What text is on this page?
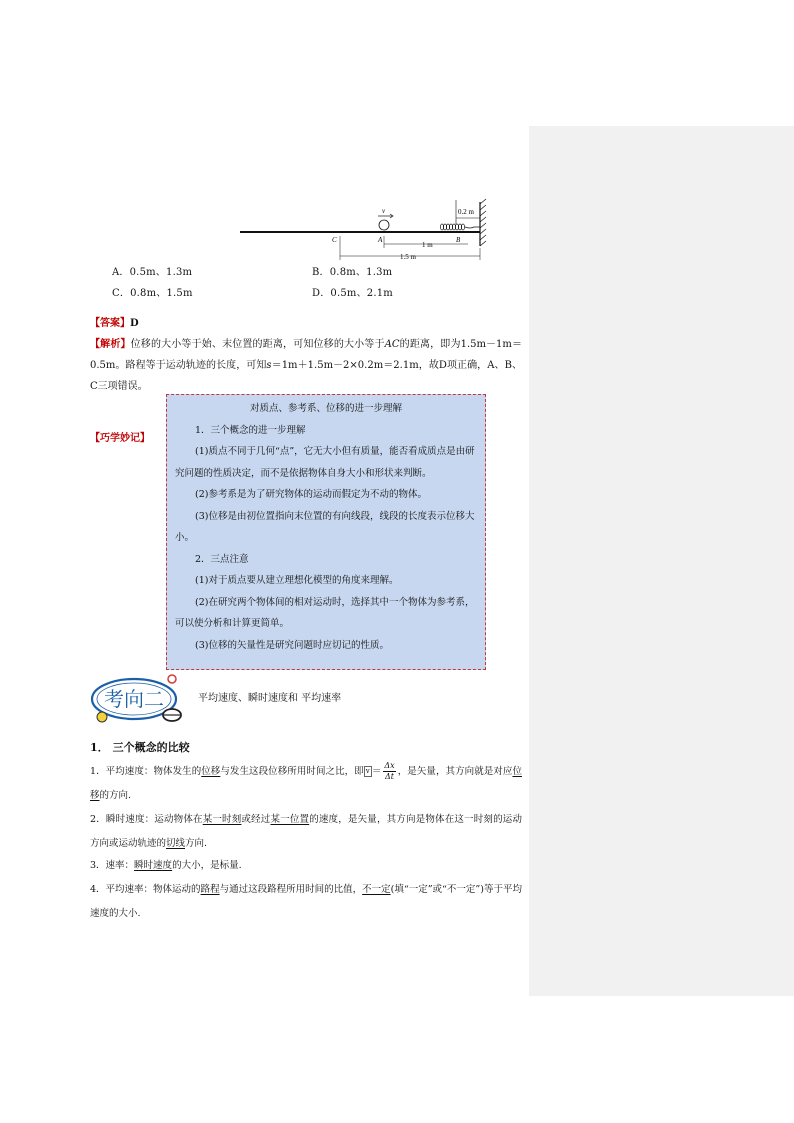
0.2 m
v
C	A	B
1 m
1.5 m
A．0.5m、1.3m	B．0.8m、1.3m
C．0.8m、1.5m	D．0.5m、2.1m
【答案】D
【解析】位移的大小等于始、末位置的距离，可知位移的大小等于AC的距离，即为1.5m－1m＝0.5m。路程等于运动轨迹的长度，可知s＝1m＋1.5m－2×0.2m＝2.1m，故D项正确，A、B、C三项错误。
【巧学妙记】
对质点、参考系、位移的进一步理解
1．三个概念的进一步理解
(1)质点不同于几何“点”，它无大小但有质量，能否看成质点是由研究问题的性质决定，而不是依据物体自身大小和形状来判断。
(2)参考系是为了研究物体的运动而假定为不动的物体。
(3)位移是由初位置指向末位置的有向线段，线段的长度表示位移大小。
2．三点注意
(1)对于质点要从建立理想化模型的角度来理解。
(2)在研究两个物体间的相对运动时，选择其中一个物体为参考系，可以使分析和计算更简单。
(3)位移的矢量性是研究问题时应切记的性质。
考向二	平均速度、瞬时速度和 平均速率
1． 三个概念的比较
1．平均速度：物体发生的位移与发生这段位移所用时间之比，即 $v = \frac{\Delta x}{\Delta t}$ ，是矢量，其方向就是对应位移的方向.
2．瞬时速度：运动物体在某一时刻或经过某一位置的速度，是矢量，其方向是物体在这一时刻的运动方向或运动轨迹的切线方向.
3．速率：瞬时速度的大小，是标量.
4．平均速率：物体运动的路程与通过这段路程所用时间的比值，不一定(填“一定”或“不一定”)等于平均速度的大小.
